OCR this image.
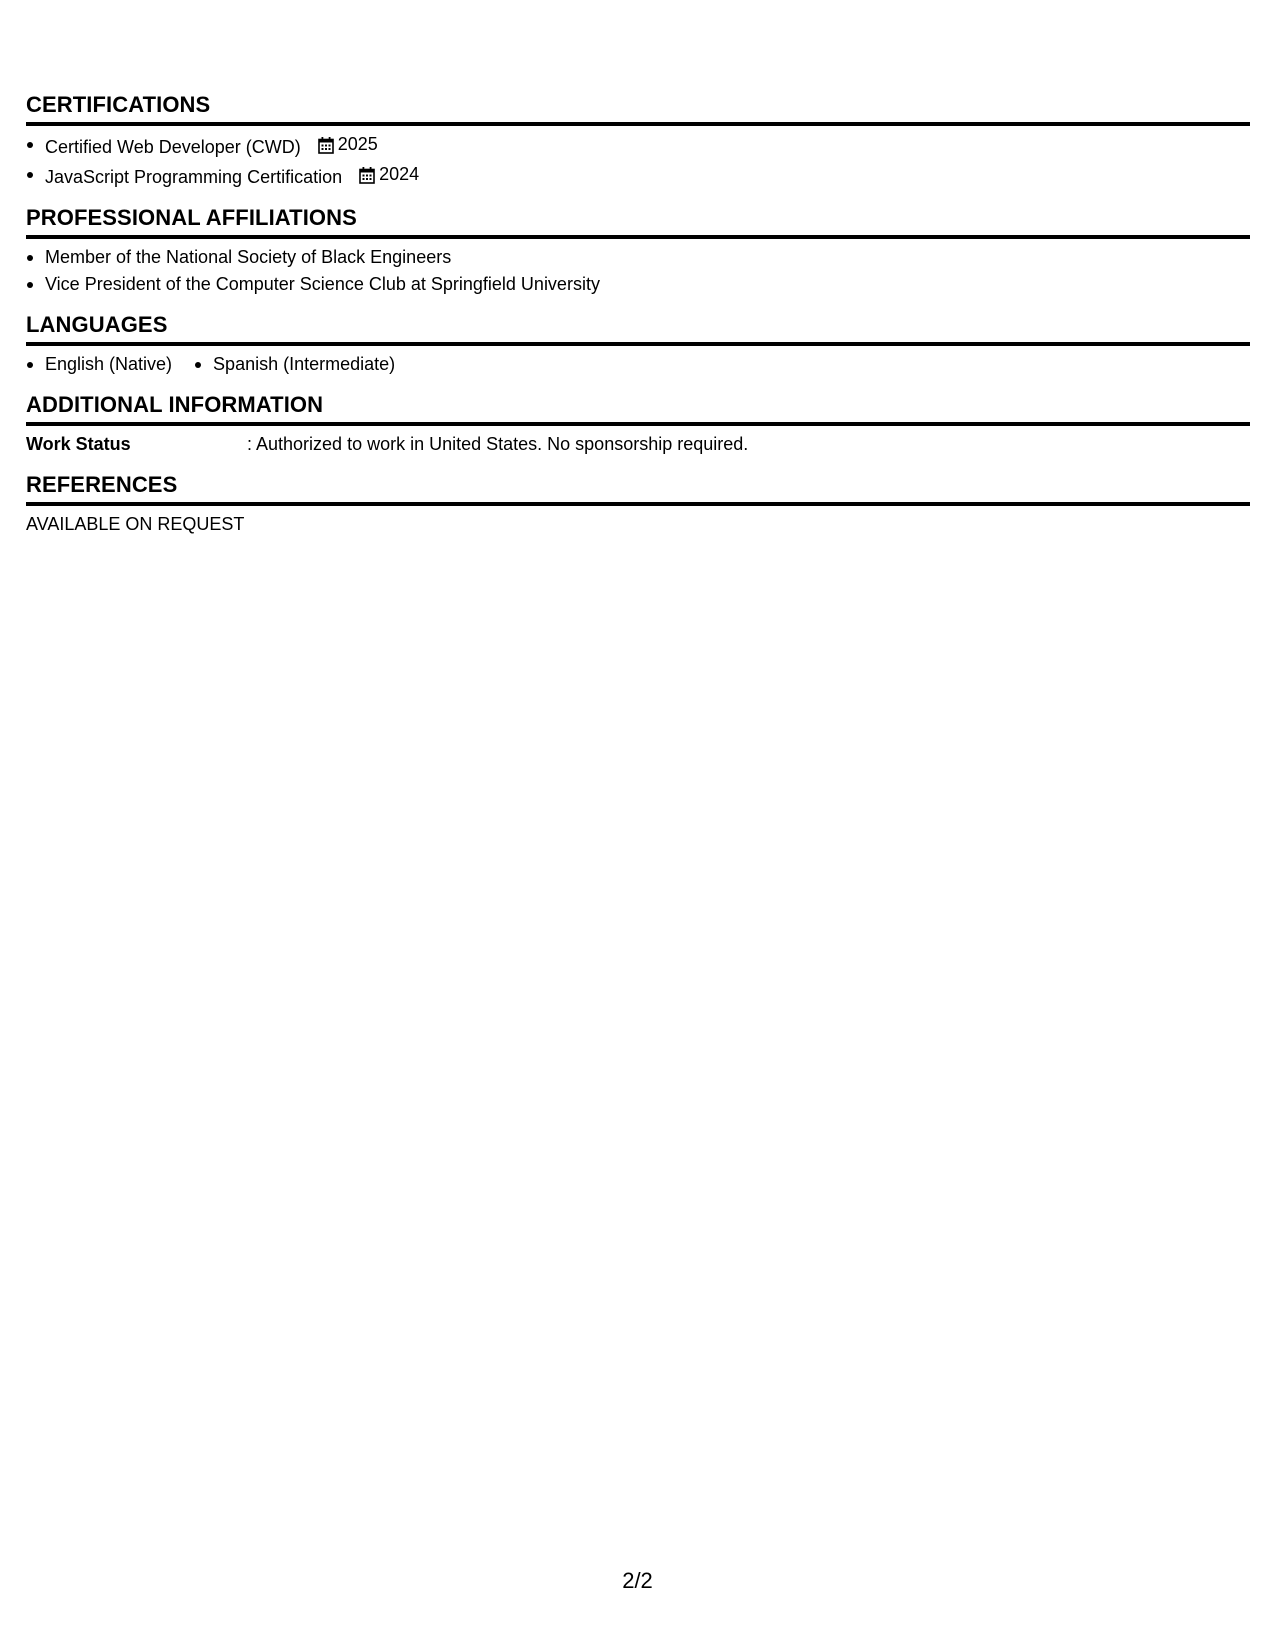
CERTIFICATIONS
Certified Web Developer (CWD) 2025
JavaScript Programming Certification 2024
PROFESSIONAL AFFILIATIONS
Member of the National Society of Black Engineers
Vice President of the Computer Science Club at Springfield University
LANGUAGES
English (Native)	Spanish (Intermediate)
ADDITIONAL INFORMATION
Work Status	: Authorized to work in United States. No sponsorship required.
REFERENCES
AVAILABLE ON REQUEST
2/2
